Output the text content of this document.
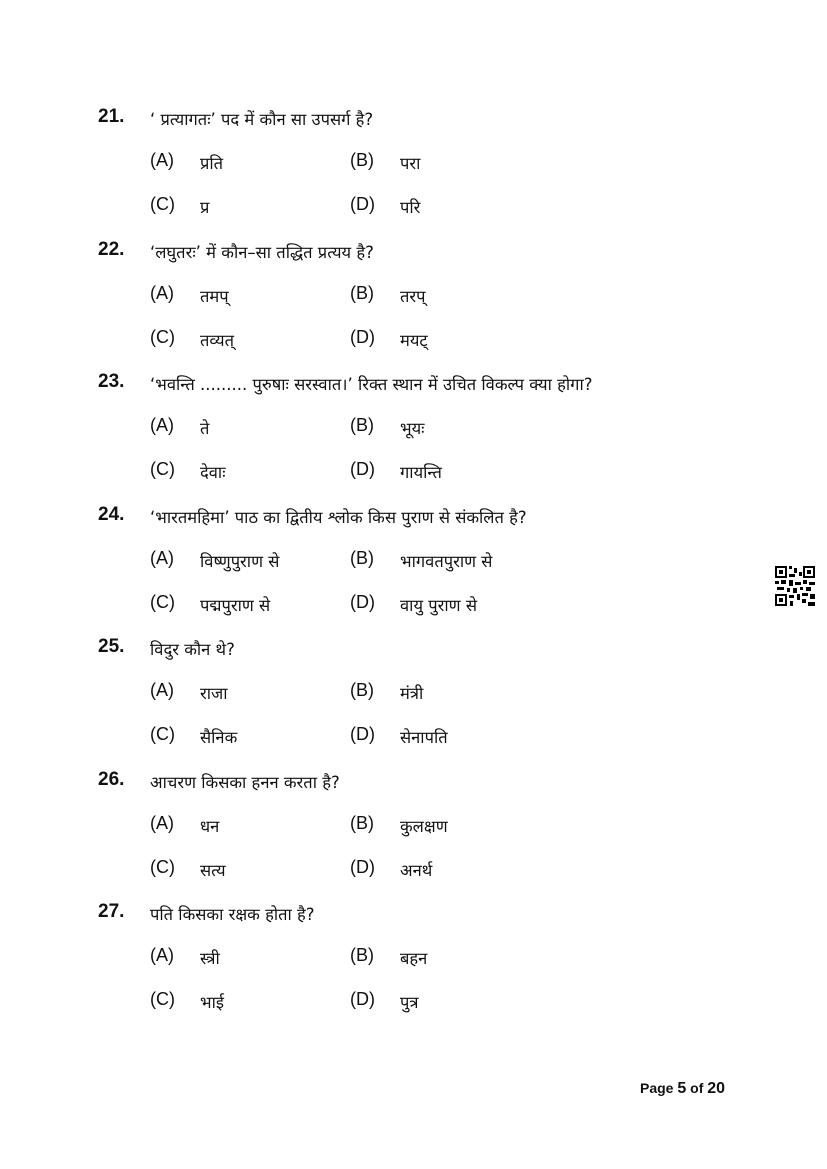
21. ‘ प्रत्यागतः’ पद में कौन सा उपसर्ग है?
(A) प्रति	(B) परा
(C) प्र	(D) परि
22. ‘लघुतरः’ में कौन–सा तद्धित प्रत्यय है?
(A) तमप्	(B) तरप्
(C) तव्यत्	(D) मयट्
23. ‘भवन्ति ......... पुरुषाः सरस्वात।’ रिक्त स्थान में उचित विकल्प क्या होगा?
(A) ते	(B) भूयः
(C) देवाः	(D) गायन्ति
24. ‘भारतमहिमा’ पाठ का द्वितीय श्लोक किस पुराण से संकलित है?
(A) विष्णुपुराण से	(B) भागवतपुराण से
(C) पद्मपुराण से	(D) वायु पुराण से
25. विदुर कौन थे?
(A) राजा	(B) मंत्री
(C) सैनिक	(D) सेनापति
26. आचरण किसका हनन करता है?
(A) धन	(B) कुलक्षण
(C) सत्य	(D) अनर्थ
27. पति किसका रक्षक होता है?
(A) स्त्री	(B) बहन
(C) भाई	(D) पुत्र
Page 5 of 20
